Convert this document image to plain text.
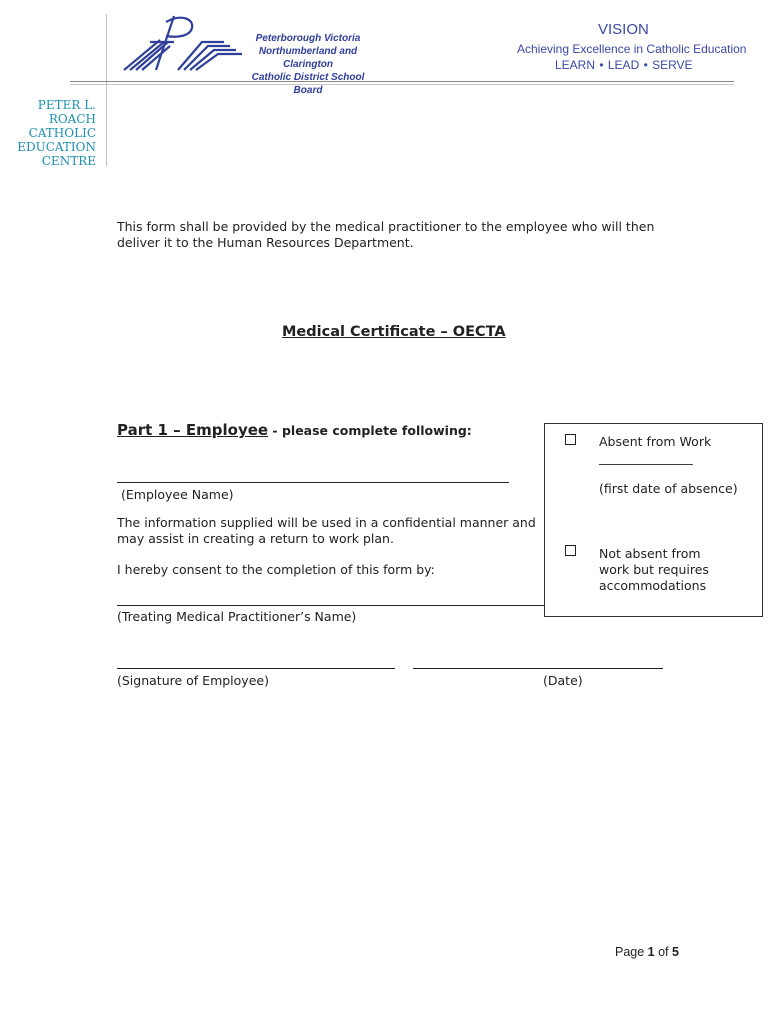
Peterborough Victoria
Northumberland and Clarington
Catholic District School Board
VISION
Achieving Excellence in Catholic Education
LEARN • LEAD • SERVE
PETER L. ROACH
CATHOLIC
EDUCATION
CENTRE
This form shall be provided by the medical practitioner to the employee who will then
deliver it to the Human Resources Department.
Medical Certificate – OECTA
Part 1 – Employee - please complete following:
(Employee Name)
The information supplied will be used in a confidential manner and
may assist in creating a return to work plan.
I hereby consent to the completion of this form by:
(Treating Medical Practitioner’s Name)
(Signature of Employee)	(Date)
Absent from Work
_______________
(first date of absence)
Not absent from
work but requires
accommodations
Page 1 of 5
